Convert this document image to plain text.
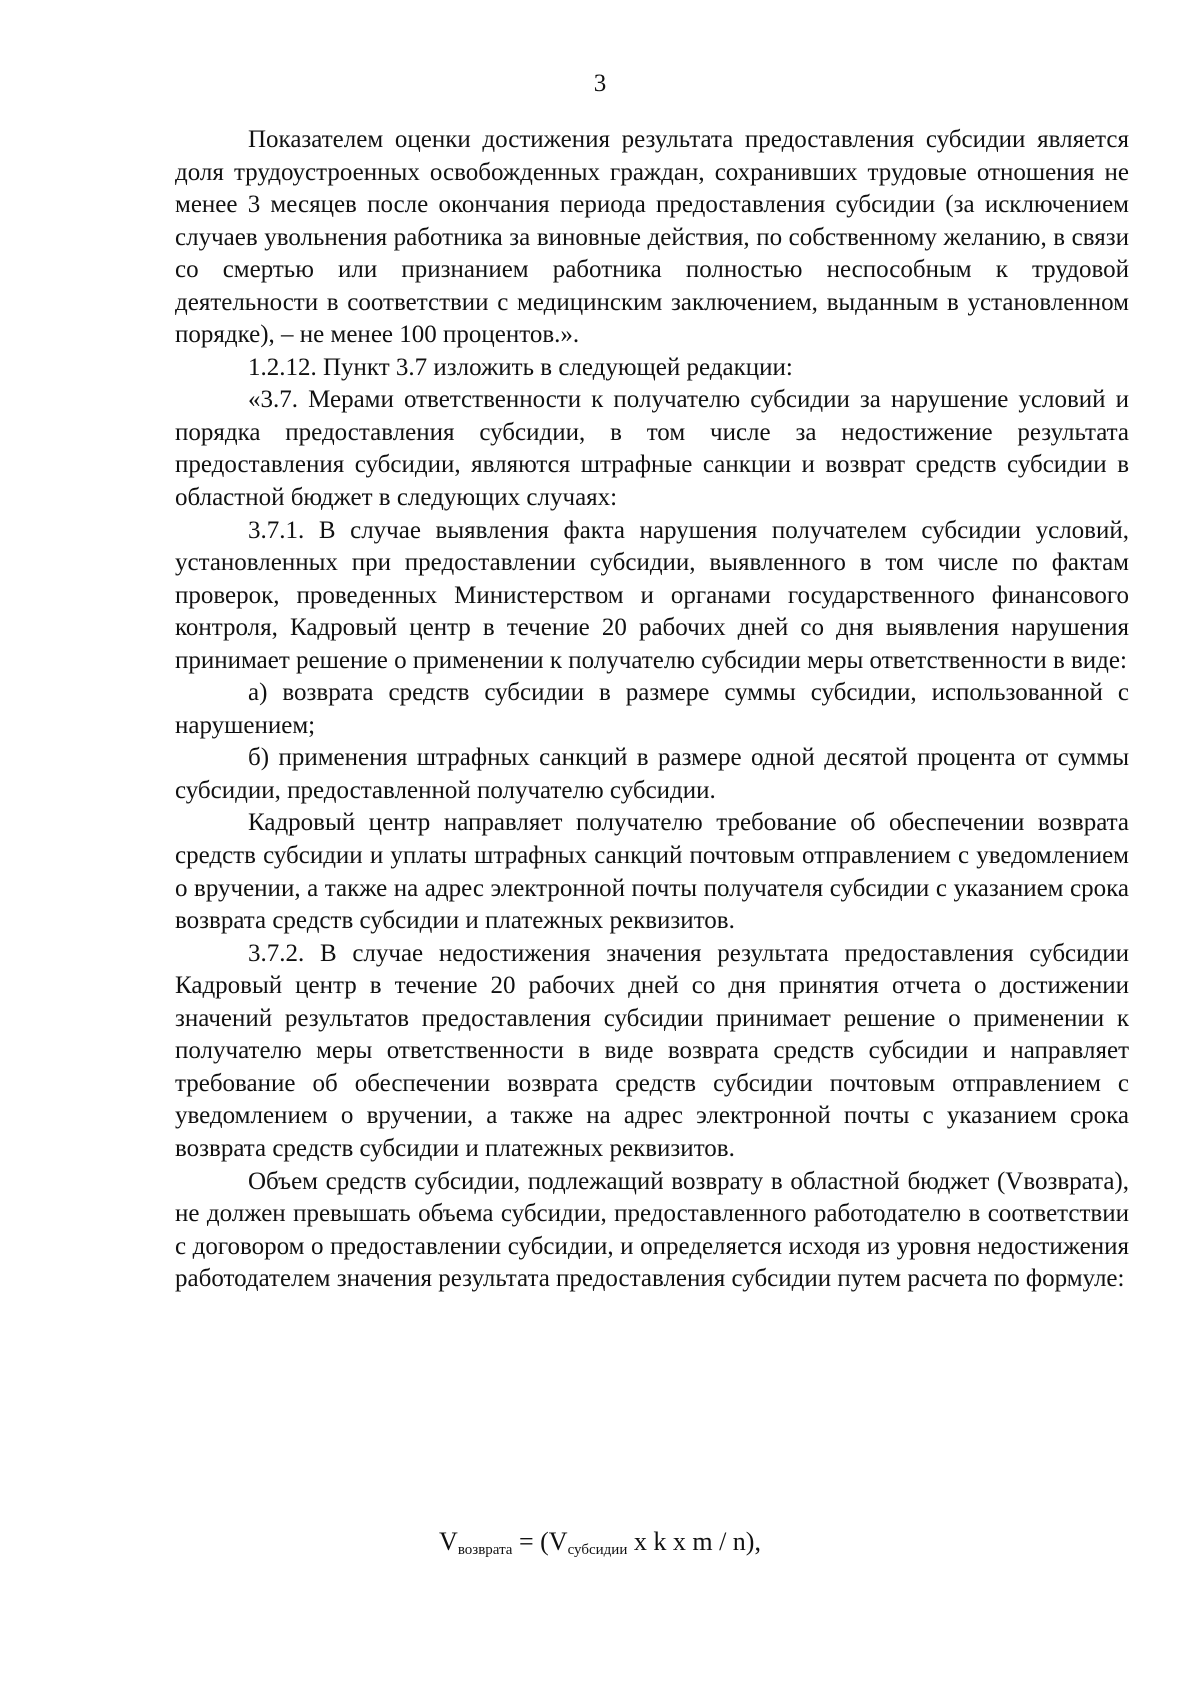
3

Показателем оценки достижения результата предоставления субсидии является доля трудоустроенных освобожденных граждан, сохранивших трудовые отношения не менее 3 месяцев после окончания периода предоставления субсидии (за исключением случаев увольнения работника за виновные действия, по собственному желанию, в связи со смертью или признанием работника полностью неспособным к трудовой деятельности в соответствии с медицинским заключением, выданным в установленном порядке), – не менее 100 процентов.».

1.2.12. Пункт 3.7 изложить в следующей редакции:

«3.7. Мерами ответственности к получателю субсидии за нарушение условий и порядка предоставления субсидии, в том числе за недостижение результата предоставления субсидии, являются штрафные санкции и возврат средств субсидии в областной бюджет в следующих случаях:

3.7.1. В случае выявления факта нарушения получателем субсидии условий, установленных при предоставлении субсидии, выявленного в том числе по фактам проверок, проведенных Министерством и органами государственного финансового контроля, Кадровый центр в течение 20 рабочих дней со дня выявления нарушения принимает решение о применении к получателю субсидии меры ответственности в виде:

а) возврата средств субсидии в размере суммы субсидии, использованной с нарушением;

б) применения штрафных санкций в размере одной десятой процента от суммы субсидии, предоставленной получателю субсидии.

Кадровый центр направляет получателю требование об обеспечении возврата средств субсидии и уплаты штрафных санкций почтовым отправлением с уведомлением о вручении, а также на адрес электронной почты получателя субсидии с указанием срока возврата средств субсидии и платежных реквизитов.

3.7.2. В случае недостижения значения результата предоставления субсидии Кадровый центр в течение 20 рабочих дней со дня принятия отчета о достижении значений результатов предоставления субсидии принимает решение о применении к получателю меры ответственности в виде возврата средств субсидии и направляет требование об обеспечении возврата средств субсидии почтовым отправлением с уведомлением о вручении, а также на адрес электронной почты с указанием срока возврата средств субсидии и платежных реквизитов.

Объем средств субсидии, подлежащий возврату в областной бюджет (Vвозврата), не должен превышать объема субсидии, предоставленного работодателю в соответствии с договором о предоставлении субсидии, и определяется исходя из уровня недостижения работодателем значения результата предоставления субсидии путем расчета по формуле:

$V_{возврата} = (V_{субсидии}$ x k x m / n),
